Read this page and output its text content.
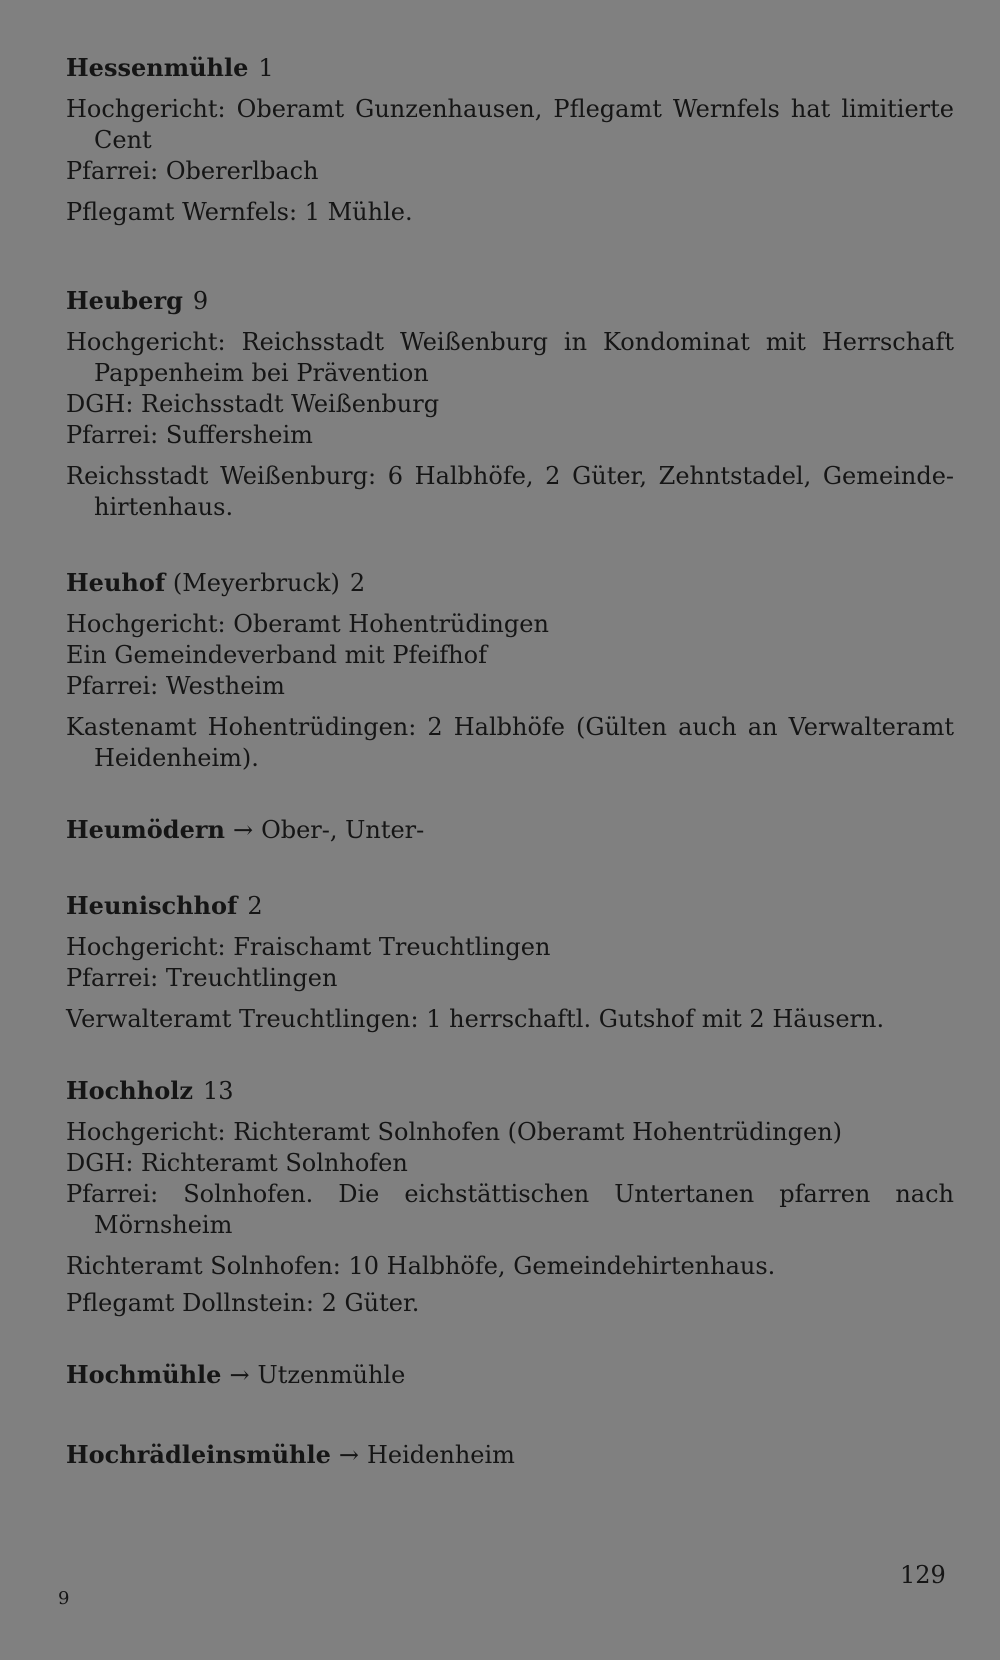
Hessenmühle 1

Hochgericht: Oberamt Gunzenhausen, Pflegamt Wernfels hat limitierte Cent

Pfarrei: Obererlbach

Pflegamt Wernfels: 1 Mühle.

Heuberg 9

Hochgericht: Reichsstadt Weißenburg in Kondominat mit Herrschaft Pappenheim bei Prävention

DGH: Reichsstadt Weißenburg

Pfarrei: Suffersheim

Reichsstadt Weißenburg: 6 Halbhöfe, 2 Güter, Zehntstadel, Gemeindehirtenhaus.

Heuhof (Meyerbruck) 2

Hochgericht: Oberamt Hohentrüdingen

Ein Gemeindeverband mit Pfeifhof

Pfarrei: Westheim

Kastenamt Hohentrüdingen: 2 Halbhöfe (Gülten auch an Verwalteramt Heidenheim).

Heumödern → Ober-, Unter-

Heunischhof 2

Hochgericht: Fraischamt Treuchtlingen

Pfarrei: Treuchtlingen

Verwalteramt Treuchtlingen: 1 herrschaftl. Gutshof mit 2 Häusern.

Hochholz 13

Hochgericht: Richteramt Solnhofen (Oberamt Hohentrüdingen)

DGH: Richteramt Solnhofen

Pfarrei: Solnhofen. Die eichstättischen Untertanen pfarren nach Mörnsheim

Richteramt Solnhofen: 10 Halbhöfe, Gemeindehirtenhaus.

Pflegamt Dollnstein: 2 Güter.

Hochmühle → Utzenmühle

Hochrädleinsmühle → Heidenheim

129
9
